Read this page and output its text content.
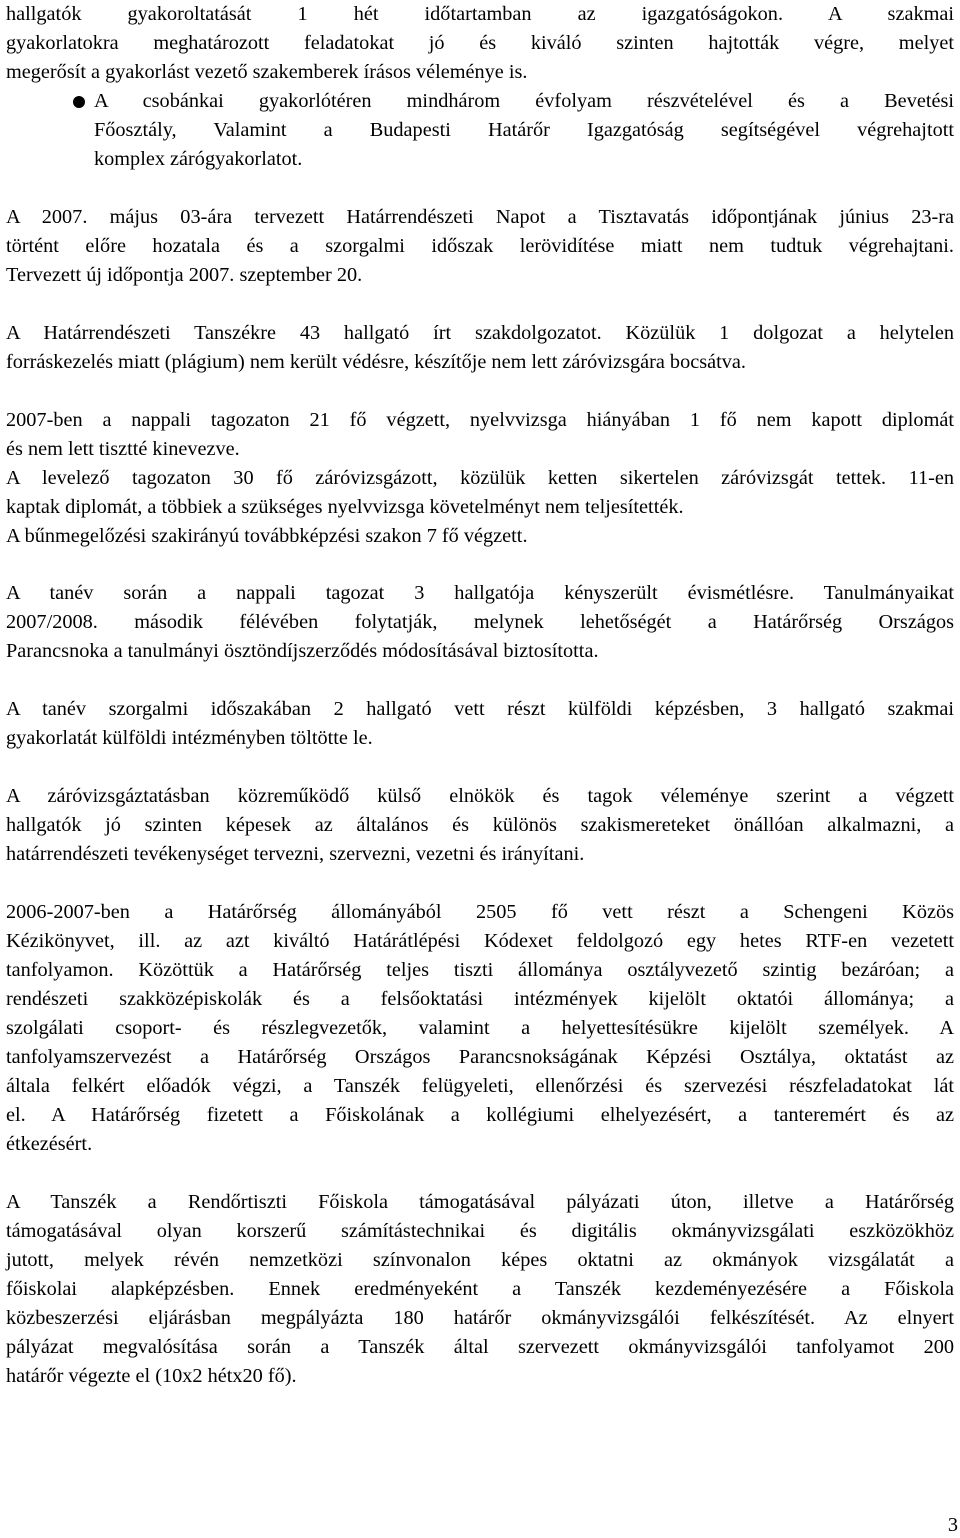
hallgatók gyakoroltatását 1 hét időtartamban az igazgatóságokon. A szakmai
gyakorlatokra meghatározott feladatokat jó és kiváló szinten hajtották végre, melyet
megerősít a gyakorlást vezető szakemberek írásos véleménye is.
A csobánkai gyakorlótéren mindhárom évfolyam részvételével és a Bevetési
Főosztály, Valamint a Budapesti Határőr Igazgatóság segítségével végrehajtott
komplex zárógyakorlatot.
A 2007. május 03-ára tervezett Határrendészeti Napot a Tisztavatás időpontjának június 23-ra
történt előre hozatala és a szorgalmi időszak lerövidítése miatt nem tudtuk végrehajtani.
Tervezett új időpontja 2007. szeptember 20.
A Határrendészeti Tanszékre 43 hallgató írt szakdolgozatot. Közülük 1 dolgozat a helytelen
forráskezelés miatt (plágium) nem került védésre, készítője nem lett záróvizsgára bocsátva.
2007-ben a nappali tagozaton 21 fő végzett, nyelvvizsga hiányában 1 fő nem kapott diplomát
és nem lett tisztté kinevezve.
A levelező tagozaton 30 fő záróvizsgázott, közülük ketten sikertelen záróvizsgát tettek. 11-en
kaptak diplomát, a többiek a szükséges nyelvvizsga követelményt nem teljesítették.
A bűnmegelőzési szakirányú továbbképzési szakon 7 fő végzett.
A tanév során a nappali tagozat 3 hallgatója kényszerült évismétlésre. Tanulmányaikat
2007/2008. második félévében folytatják, melynek lehetőségét a Határőrség Országos
Parancsnoka a tanulmányi ösztöndíjszerződés módosításával biztosította.
A tanév szorgalmi időszakában 2 hallgató vett részt külföldi képzésben, 3 hallgató szakmai
gyakorlatát külföldi intézményben töltötte le.
A záróvizsgáztatásban közreműködő külső elnökök és tagok véleménye szerint a végzett
hallgatók jó szinten képesek az általános és különös szakismereteket önállóan alkalmazni, a
határrendészeti tevékenységet tervezni, szervezni, vezetni és irányítani.
2006-2007-ben a Határőrség állományából 2505 fő vett részt a Schengeni Közös
Kézikönyvet, ill. az azt kiváltó Határátlépési Kódexet feldolgozó egy hetes RTF-en vezetett
tanfolyamon. Közöttük a Határőrség teljes tiszti állománya osztályvezető szintig bezáróan; a
rendészeti szakközépiskolák és a felsőoktatási intézmények kijelölt oktatói állománya; a
szolgálati csoport- és részlegvezetők, valamint a helyettesítésükre kijelölt személyek. A
tanfolyamszervezést a Határőrség Országos Parancsnokságának Képzési Osztálya, oktatást az
általa felkért előadók végzi, a Tanszék felügyeleti, ellenőrzési és szervezési részfeladatokat lát
el. A Határőrség fizetett a Főiskolának a kollégiumi elhelyezésért, a tanteremért és az
étkezésért.
A Tanszék a Rendőrtiszti Főiskola támogatásával pályázati úton, illetve a Határőrség
támogatásával olyan korszerű számítástechnikai és digitális okmányvizsgálati eszközökhöz
jutott, melyek révén nemzetközi színvonalon képes oktatni az okmányok vizsgálatát a
főiskolai alapképzésben. Ennek eredményeként a Tanszék kezdeményezésére a Főiskola
közbeszerzési eljárásban megpályázta 180 határőr okmányvizsgálói felkészítését. Az elnyert
pályázat megvalósítása során a Tanszék által szervezett okmányvizsgálói tanfolyamot 200
határőr végezte el (10x2 hétx20 fő).
3
